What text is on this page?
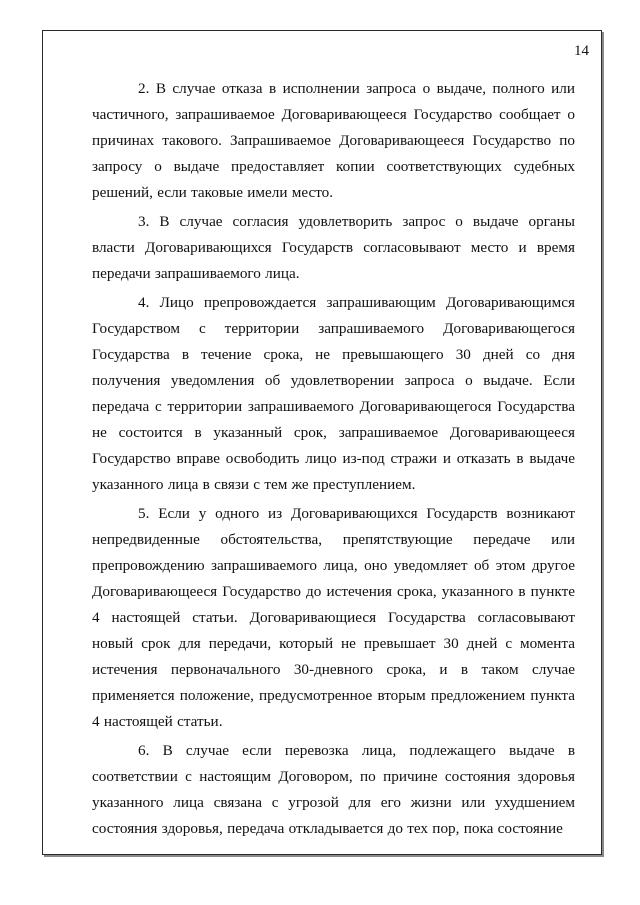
14

2. В случае отказа в исполнении запроса о выдаче, полного или частичного, запрашиваемое Договаривающееся Государство сообщает о причинах такового. Запрашиваемое Договаривающееся Государство по запросу о выдаче предоставляет копии соответствующих судебных решений, если таковые имели место.

3. В случае согласия удовлетворить запрос о выдаче органы власти Договаривающихся Государств согласовывают место и время передачи запрашиваемого лица.

4. Лицо препровождается запрашивающим Договаривающимся Государством с территории запрашиваемого Договаривающегося Государства в течение срока, не превышающего 30 дней со дня получения уведомления об удовлетворении запроса о выдаче. Если передача с территории запрашиваемого Договаривающегося Государства не состоится в указанный срок, запрашиваемое Договаривающееся Государство вправе освободить лицо из-под стражи и отказать в выдаче указанного лица в связи с тем же преступлением.

5. Если у одного из Договаривающихся Государств возникают непредвиденные обстоятельства, препятствующие передаче или препровождению запрашиваемого лица, оно уведомляет об этом другое Договаривающееся Государство до истечения срока, указанного в пункте 4 настоящей статьи. Договаривающиеся Государства согласовывают новый срок для передачи, который не превышает 30 дней с момента истечения первоначального 30-дневного срока, и в таком случае применяется положение, предусмотренное вторым предложением пункта 4 настоящей статьи.

6. В случае если перевозка лица, подлежащего выдаче в соответствии с настоящим Договором, по причине состояния здоровья указанного лица связана с угрозой для его жизни или ухудшением состояния здоровья, передача откладывается до тех пор, пока состояние
